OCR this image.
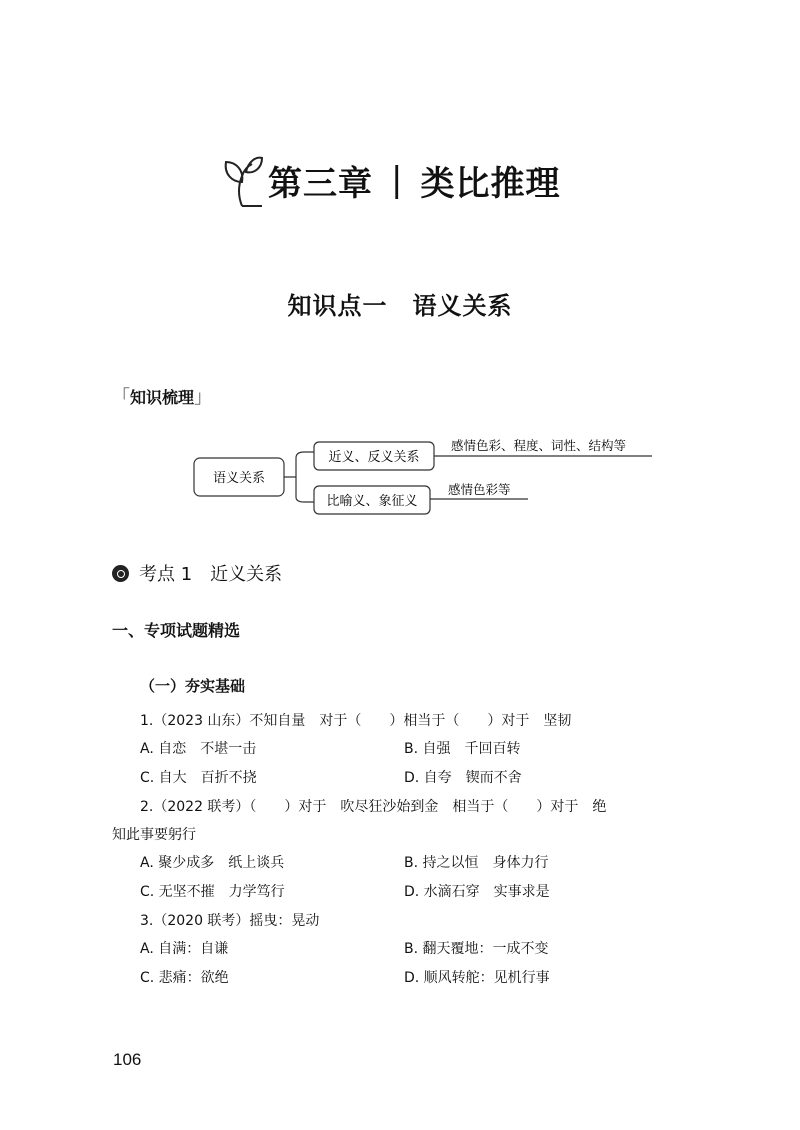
第三章 | 类比推理
知识点一　语义关系
「知识梳理」
语义关系
近义、反义关系
感情色彩、程度、词性、结构等
比喻义、象征义
感情色彩等
考点 1　近义关系
一、专项试题精选
（一）夯实基础
1.（2023 山东）不知自量　对于（　　）相当于（　　）对于　坚韧
A. 自恋　不堪一击	B. 自强　千回百转
C. 自大　百折不挠	D. 自夸　锲而不舍
2.（2022 联考）（　　）对于　吹尽狂沙始到金　相当于（　　）对于　绝
知此事要躬行
A. 聚少成多　纸上谈兵	B. 持之以恒　身体力行
C. 无坚不摧　力学笃行	D. 水滴石穿　实事求是
3.（2020 联考）摇曳：晃动
A. 自满：自谦	B. 翻天覆地：一成不变
C. 悲痛：欲绝	D. 顺风转舵：见机行事
106
